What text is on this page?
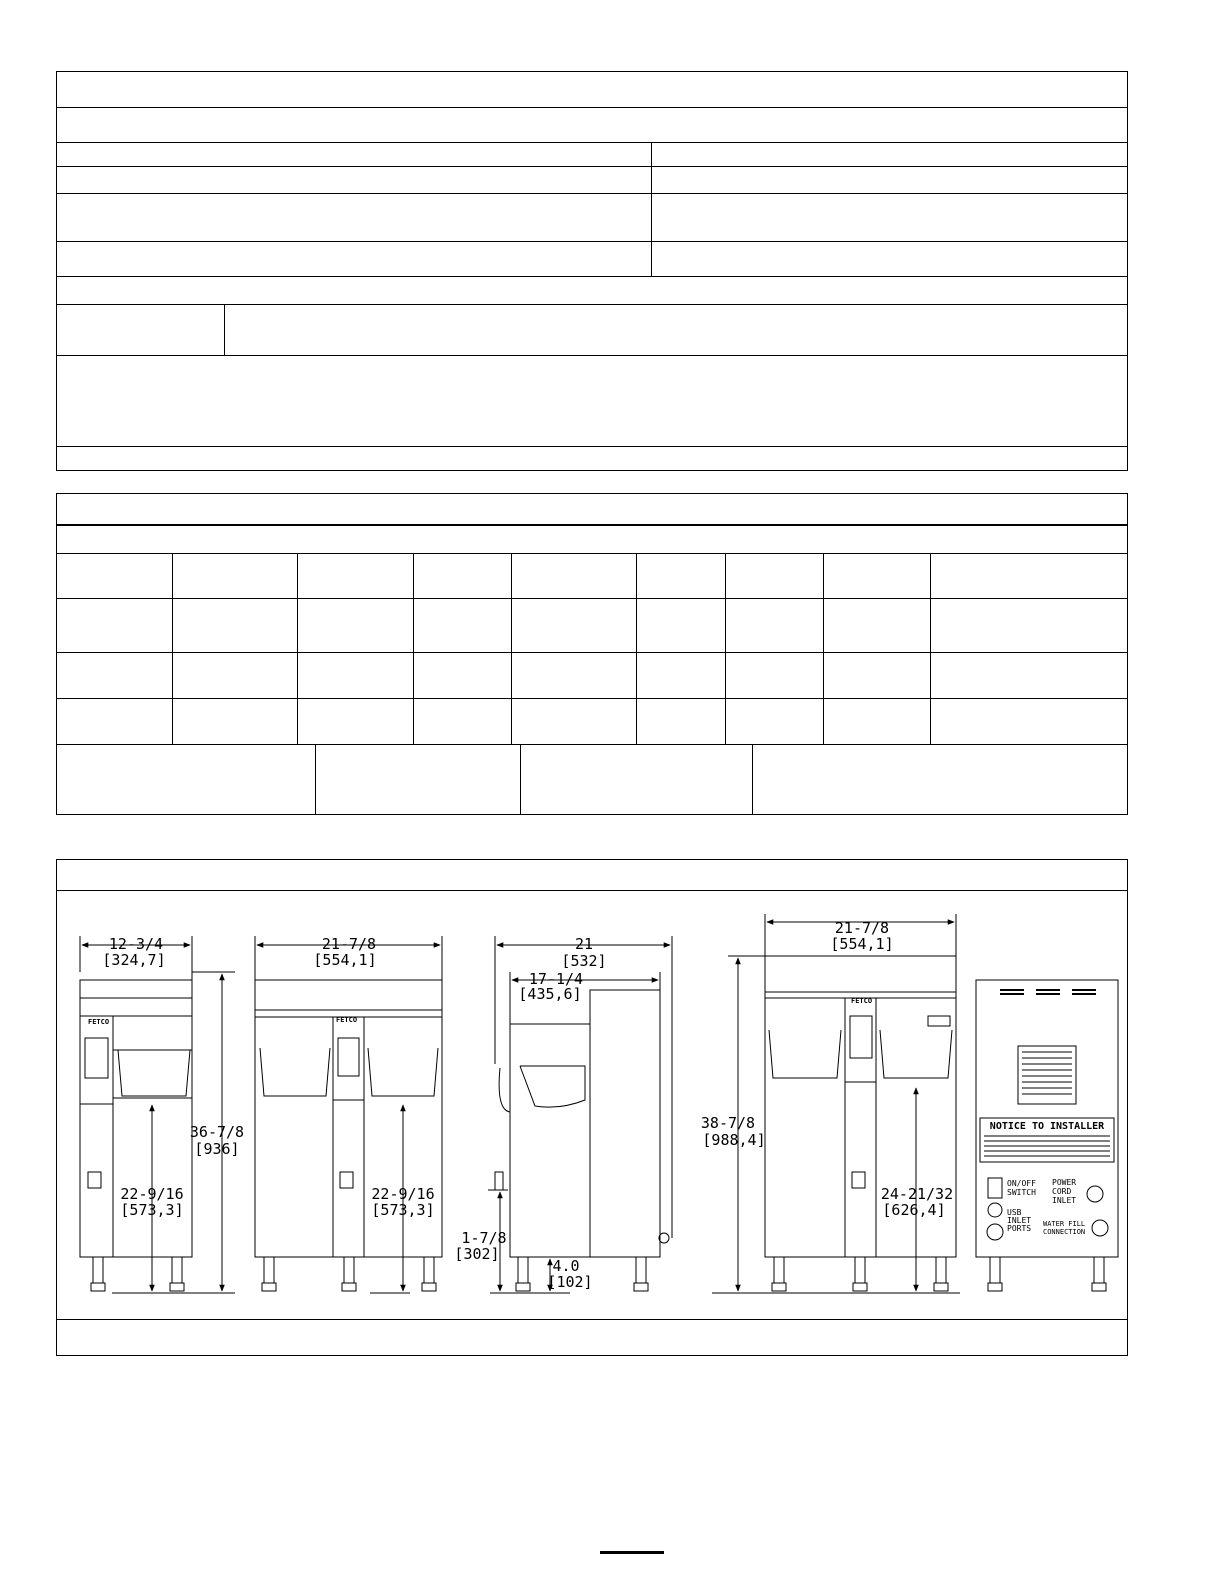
FETCO	FETCO
FETCO
12-3/4
[324,7]
36-7/8
[936]
22-9/16
[573,3]
21-7/8
[554,1]
22-9/16
[573,3]
21
[532]
17-1/4
[435,6]
1-7/8
[302]
4.0
[102]
21-7/8
[554,1]
38-7/8
[988,4]
24-21/32
[626,4]
NOTICE TO INSTALLER
ON/OFF
SWITCH
USB
INLET
PORTS
POWER
CORD
INLET
WATER FILL
CONNECTION
